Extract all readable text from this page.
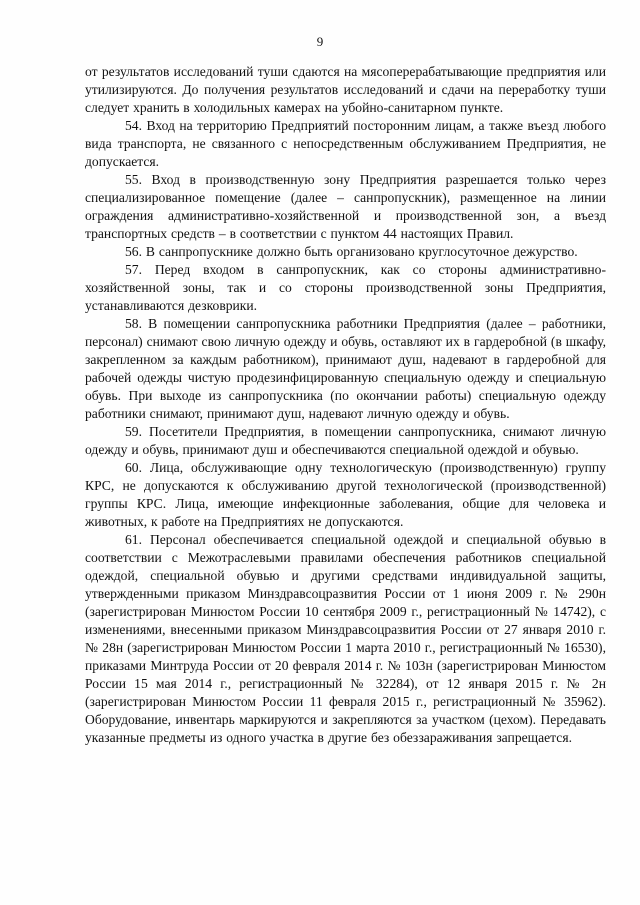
9

от результатов исследований туши сдаются на мясоперерабатывающие предприятия или утилизируются. До получения результатов исследований и сдачи на переработку туши следует хранить в холодильных камерах на убойно-санитарном пункте.

54. Вход на территорию Предприятий посторонним лицам, а также въезд любого вида транспорта, не связанного с непосредственным обслуживанием Предприятия, не допускается.

55. Вход в производственную зону Предприятия разрешается только через специализированное помещение (далее – санпропускник), размещенное на линии ограждения административно-хозяйственной и производственной зон, а въезд транспортных средств – в соответствии с пунктом 44 настоящих Правил.

56. В санпропускнике должно быть организовано круглосуточное дежурство.

57. Перед входом в санпропускник, как со стороны административно-хозяйственной зоны, так и со стороны производственной зоны Предприятия, устанавливаются дезковрики.

58. В помещении санпропускника работники Предприятия (далее – работники, персонал) снимают свою личную одежду и обувь, оставляют их в гардеробной (в шкафу, закрепленном за каждым работником), принимают душ, надевают в гардеробной для рабочей одежды чистую продезинфицированную специальную одежду и специальную обувь. При выходе из санпропускника (по окончании работы) специальную одежду работники снимают, принимают душ, надевают личную одежду и обувь.

59. Посетители Предприятия, в помещении санпропускника, снимают личную одежду и обувь, принимают душ и обеспечиваются специальной одеждой и обувью.

60. Лица, обслуживающие одну технологическую (производственную) группу КРС, не допускаются к обслуживанию другой технологической (производственной) группы КРС. Лица, имеющие инфекционные заболевания, общие для человека и животных, к работе на Предприятиях не допускаются.

61. Персонал обеспечивается специальной одеждой и специальной обувью в соответствии с Межотраслевыми правилами обеспечения работников специальной одеждой, специальной обувью и другими средствами индивидуальной защиты, утвержденными приказом Минздравсоцразвития России от 1 июня 2009 г. № 290н (зарегистрирован Минюстом России 10 сентября 2009 г., регистрационный № 14742), с изменениями, внесенными приказом Минздравсоцразвития России от 27 января 2010 г. № 28н (зарегистрирован Минюстом России 1 марта 2010 г., регистрационный № 16530), приказами Минтруда России от 20 февраля 2014 г. № 103н (зарегистрирован Минюстом России 15 мая 2014 г., регистрационный № 32284), от 12 января 2015 г. № 2н (зарегистрирован Минюстом России 11 февраля 2015 г., регистрационный № 35962). Оборудование, инвентарь маркируются и закрепляются за участком (цехом). Передавать указанные предметы из одного участка в другие без обеззараживания запрещается.
